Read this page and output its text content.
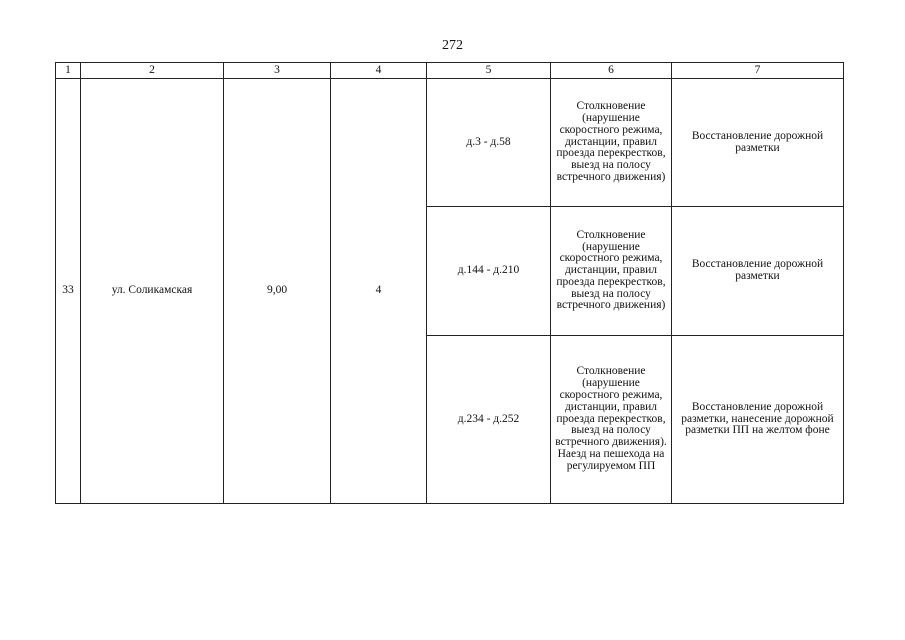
272
1	2	3	4	5	6	7
33	ул. Соликамская	9,00	4	д.3 - д.58	Столкновение (нарушение скоростного режима, дистанции, правил проезда перекрестков, выезд на полосу встречного движения)	Восстановление дорожной разметки
				д.144 - д.210	Столкновение (нарушение скоростного режима, дистанции, правил проезда перекрестков, выезд на полосу встречного движения)	Восстановление дорожной разметки
				д.234 - д.252	Столкновение (нарушение скоростного режима, дистанции, правил проезда перекрестков, выезд на полосу встречного движения). Наезд на пешехода на регулируемом ПП	Восстановление дорожной разметки, нанесение дорожной разметки ПП на желтом фоне
